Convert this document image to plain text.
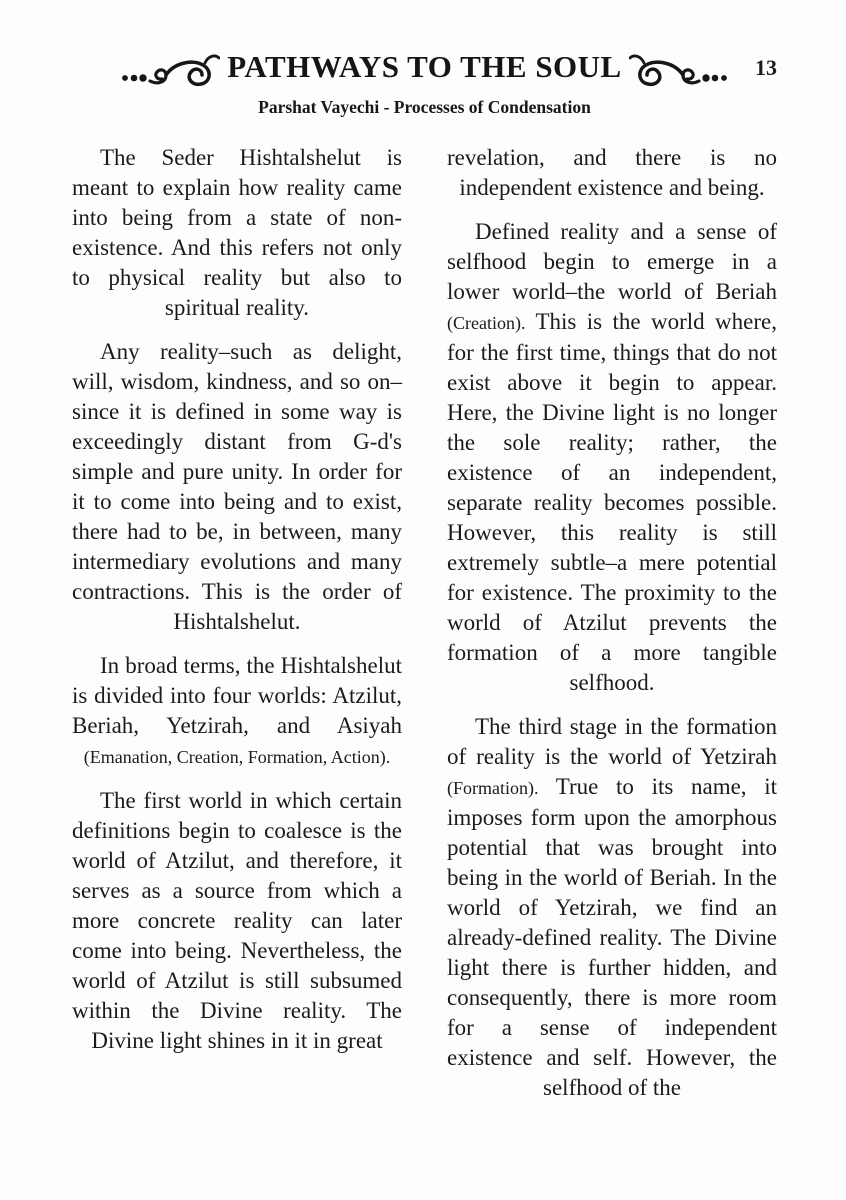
PATHWAYS TO THE SOUL	13
Parshat Vayechi - Processes of Condensation

The Seder Hishtalshelut is meant to explain how reality came into being from a state of non-existence. And this refers not only to physical reality but also to spiritual reality.

Any reality–such as delight, will, wisdom, kindness, and so on–since it is defined in some way is exceedingly distant from G-d's simple and pure unity. In order for it to come into being and to exist, there had to be, in between, many intermediary evolutions and many contractions. This is the order of Hishtalshelut.

In broad terms, the Hishtalshelut is divided into four worlds: Atzilut, Beriah, Yetzirah, and Asiyah (Emanation, Creation, Formation, Action).

The first world in which certain definitions begin to coalesce is the world of Atzilut, and therefore, it serves as a source from which a more concrete reality can later come into being. Nevertheless, the world of Atzilut is still subsumed within the Divine reality. The Divine light shines in it in great

revelation, and there is no independent existence and being.

Defined reality and a sense of selfhood begin to emerge in a lower world–the world of Beriah (Creation). This is the world where, for the first time, things that do not exist above it begin to appear. Here, the Divine light is no longer the sole reality; rather, the existence of an independent, separate reality becomes possible. However, this reality is still extremely subtle–a mere potential for existence. The proximity to the world of Atzilut prevents the formation of a more tangible selfhood.

The third stage in the formation of reality is the world of Yetzirah (Formation). True to its name, it imposes form upon the amorphous potential that was brought into being in the world of Beriah. In the world of Yetzirah, we find an already-defined reality. The Divine light there is further hidden, and consequently, there is more room for a sense of independent existence and self. However, the selfhood of the
